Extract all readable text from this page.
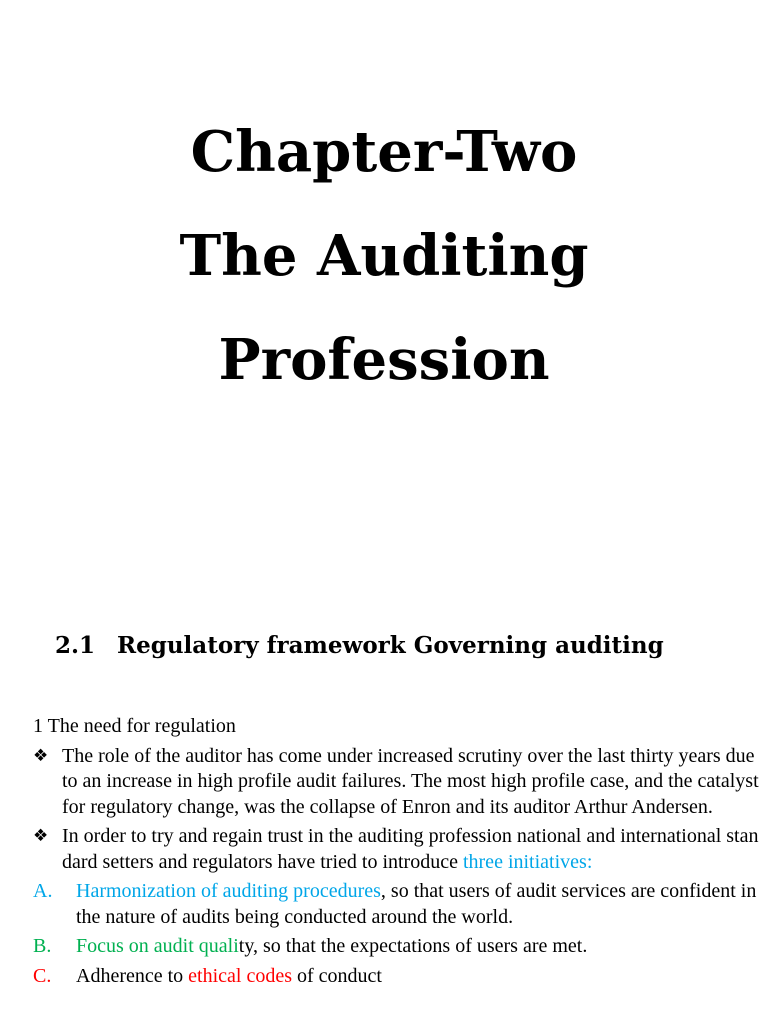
Chapter-Two
The Auditing
Profession
2.1 Regulatory framework Governing auditing

1 The need for regulation

❖ The role of the auditor has come under increased scrutiny over the last thirty years due to an increase in high profile audit failures. The most high profile case, and the catalyst for regulatory change, was the collapse of Enron and its auditor Arthur Andersen.
❖ In order to try and regain trust in the auditing profession national and international standard setters and regulators have tried to introduce three initiatives:
A. Harmonization of auditing procedures, so that users of audit services are confident in the nature of audits being conducted around the world.
B. Focus on audit quality, so that the expectations of users are met.
C. Adherence to ethical codes of conduct
